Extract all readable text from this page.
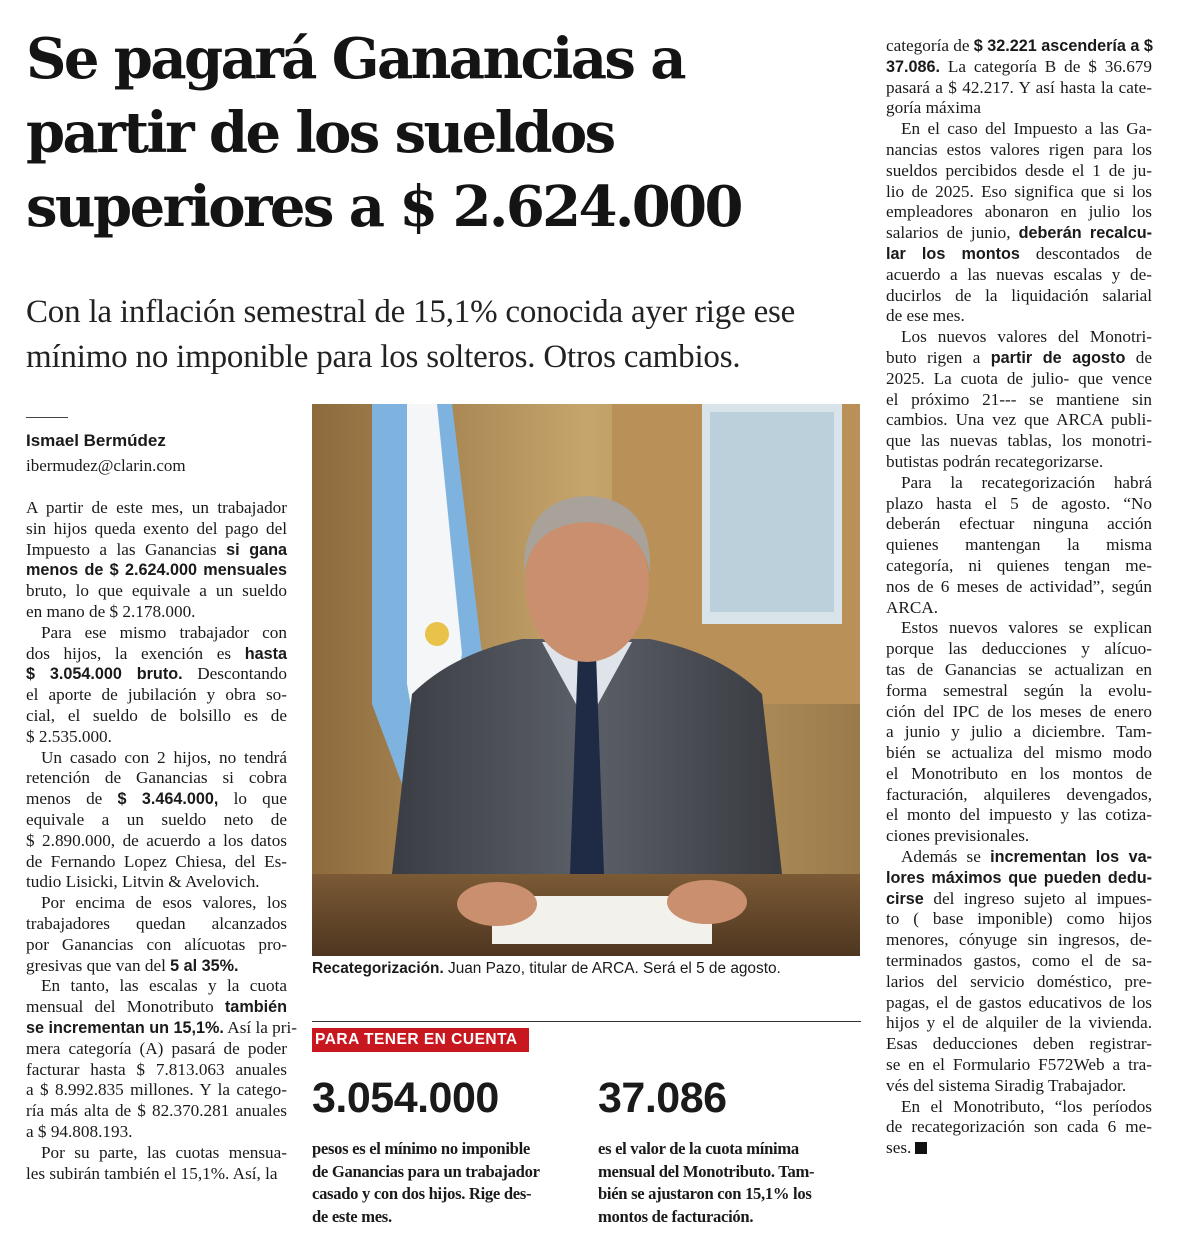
Se pagará Ganancias a
partir de los sueldos
superiores a $ 2.624.000
Con la inflación semestral de 15,1% conocida ayer rige ese
mínimo no imponible para los solteros. Otros cambios.
Ismael Bermúdez
ibermudez@clarin.com
A partir de este mes, un trabajador
sin hijos queda exento del pago del
Impuesto a las Ganancias si gana
menos de $ 2.624.000 mensuales
bruto, lo que equivale a un sueldo
en mano de $ 2.178.000.
Para ese mismo trabajador con
dos hijos, la exención es hasta
$ 3.054.000 bruto. Descontando
el aporte de jubilación y obra so-
cial, el sueldo de bolsillo es de
$ 2.535.000.
Un casado con 2 hijos, no tendrá
retención de Ganancias si cobra
menos de $ 3.464.000, lo que
equivale a un sueldo neto de
$ 2.890.000, de acuerdo a los datos
de Fernando Lopez Chiesa, del Es-
tudio Lisicki, Litvin & Avelovich.
Por encima de esos valores, los
trabajadores quedan alcanzados
por Ganancias con alícuotas pro-
gresivas que van del 5 al 35%.
En tanto, las escalas y la cuota
mensual del Monotributo también
se incrementan un 15,1%. Así la pri-
mera categoría (A) pasará de poder
facturar hasta $ 7.813.063 anuales
a $ 8.992.835 millones. Y la catego-
ría más alta de $ 82.370.281 anuales
a $ 94.808.193.
Por su parte, las cuotas mensua-
les subirán también el 15,1%. Así, la
Recategorización. Juan Pazo, titular de ARCA. Será el 5 de agosto.
PARA TENER EN CUENTA
3.054.000
pesos es el mínimo no imponible
de Ganancias para un trabajador
casado y con dos hijos. Rige des-
de este mes.
37.086
es el valor de la cuota mínima
mensual del Monotributo. Tam-
bién se ajustaron con 15,1% los
montos de facturación.
categoría de $ 32.221 ascendería a $
37.086. La categoría B de $ 36.679
pasará a $ 42.217. Y así hasta la cate-
goría máxima
En el caso del Impuesto a las Ga-
nancias estos valores rigen para los
sueldos percibidos desde el 1 de ju-
lio de 2025. Eso significa que si los
empleadores abonaron en julio los
salarios de junio, deberán recalcu-
lar los montos descontados de
acuerdo a las nuevas escalas y de-
ducirlos de la liquidación salarial
de ese mes.
Los nuevos valores del Monotri-
buto rigen a partir de agosto de
2025. La cuota de julio- que vence
el próximo 21--- se mantiene sin
cambios. Una vez que ARCA publi-
que las nuevas tablas, los monotri-
butistas podrán recategorizarse.
Para la recategorización habrá
plazo hasta el 5 de agosto. “No
deberán efectuar ninguna acción
quienes mantengan la misma
categoría, ni quienes tengan me-
nos de 6 meses de actividad”, según
ARCA.
Estos nuevos valores se explican
porque las deducciones y alícuo-
tas de Ganancias se actualizan en
forma semestral según la evolu-
ción del IPC de los meses de enero
a junio y julio a diciembre. Tam-
bién se actualiza del mismo modo
el Monotributo en los montos de
facturación, alquileres devengados,
el monto del impuesto y las cotiza-
ciones previsionales.
Además se incrementan los va-
lores máximos que pueden dedu-
cirse del ingreso sujeto al impues-
to ( base imponible) como hijos
menores, cónyuge sin ingresos, de-
terminados gastos, como el de sa-
larios del servicio doméstico, pre-
pagas, el de gastos educativos de los
hijos y el de alquiler de la vivienda.
Esas deducciones deben registrar-
se en el Formulario F572Web a tra-
vés del sistema Siradig Trabajador.
En el Monotributo, “los períodos
de recategorización son cada 6 me-
ses.
